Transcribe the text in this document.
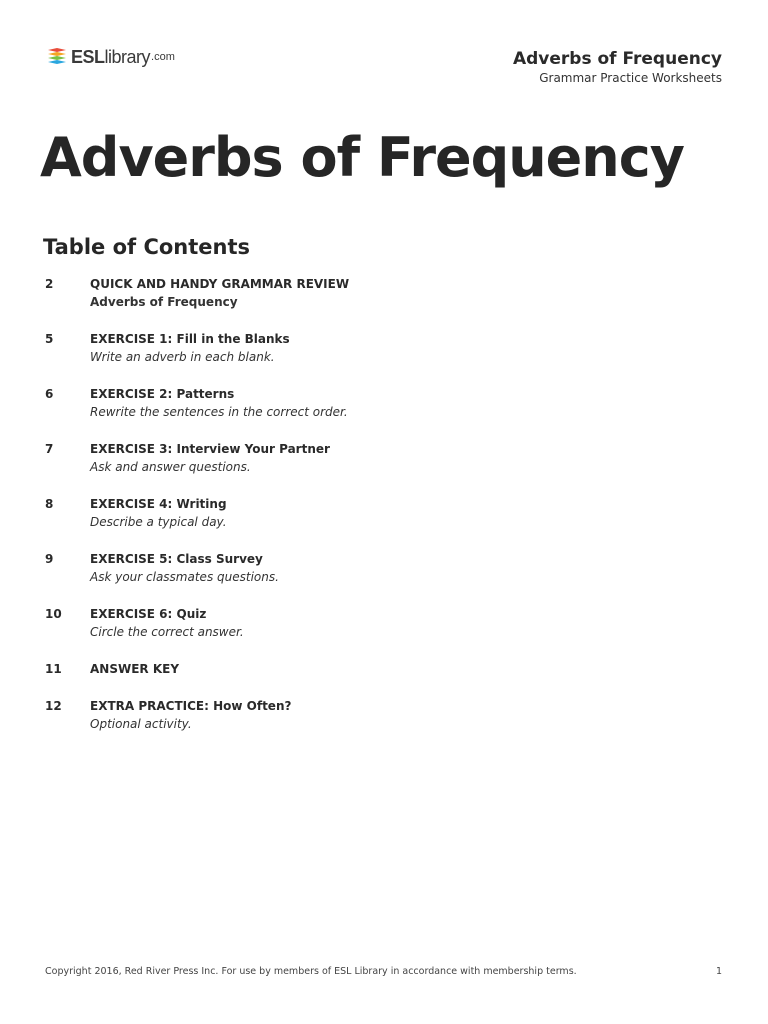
ESL library .com	Adverbs of Frequency
Grammar Practice Worksheets
Adverbs of Frequency
Table of Contents
2	QUICK AND HANDY GRAMMAR REVIEW
Adverbs of Frequency
5	EXERCISE 1: Fill in the Blanks
Write an adverb in each blank.
6	EXERCISE 2: Patterns
Rewrite the sentences in the correct order.
7	EXERCISE 3: Interview Your Partner
Ask and answer questions.
8	EXERCISE 4: Writing
Describe a typical day.
9	EXERCISE 5: Class Survey
Ask your classmates questions.
10 EXERCISE 6: Quiz
Circle the correct answer.
11 ANSWER KEY
12 EXTRA PRACTICE: How Often?
Optional activity.
Copyright 2016, Red River Press Inc. For use by members of ESL Library in accordance with membership terms.	1
